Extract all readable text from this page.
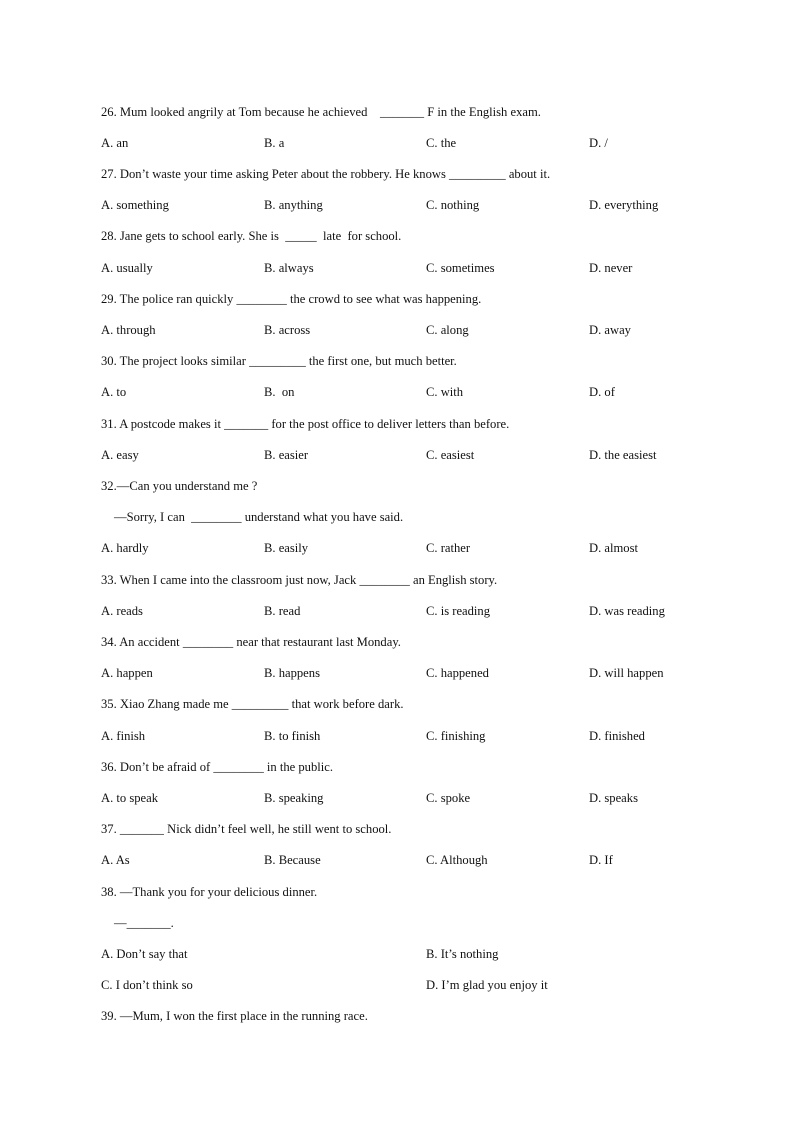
26. Mum looked angrily at Tom because he achieved    _______ F in the English exam.
A. an	B. a	C. the	D. /
27. Don’t waste your time asking Peter about the robbery. He knows _________ about it.
A. something	B. anything	C. nothing	D. everything
28. Jane gets to school early. She is  _____  late  for school.
A. usually	B. always	C. sometimes	D. never
29. The police ran quickly ________ the crowd to see what was happening.
A. through	B. across	C. along	D. away
30. The project looks similar _________ the first one, but much better.
A. to	B.  on	C. with	D. of
31. A postcode makes it _______ for the post office to deliver letters than before.
A. easy	B. easier	C. easiest	D. the easiest
32.—Can you understand me ?
—Sorry, I can  ________ understand what you have said.
A. hardly	B. easily	C. rather	D. almost
33. When I came into the classroom just now, Jack ________ an English story.
A. reads	B. read	C. is reading	D. was reading
34. An accident ________ near that restaurant last Monday.
A. happen	B. happens	C. happened	D. will happen
35. Xiao Zhang made me _________ that work before dark.
A. finish	B. to finish	C. finishing	D. finished
36. Don’t be afraid of ________ in the public.
A. to speak	B. speaking	C. spoke	D. speaks
37. _______ Nick didn’t feel well, he still went to school.
A. As	B. Because	C. Although	D. If
38. —Thank you for your delicious dinner.
—_______.
A. Don’t say that	B. It’s nothing
C. I don’t think so	D. I’m glad you enjoy it
39. —Mum, I won the first place in the running race.
